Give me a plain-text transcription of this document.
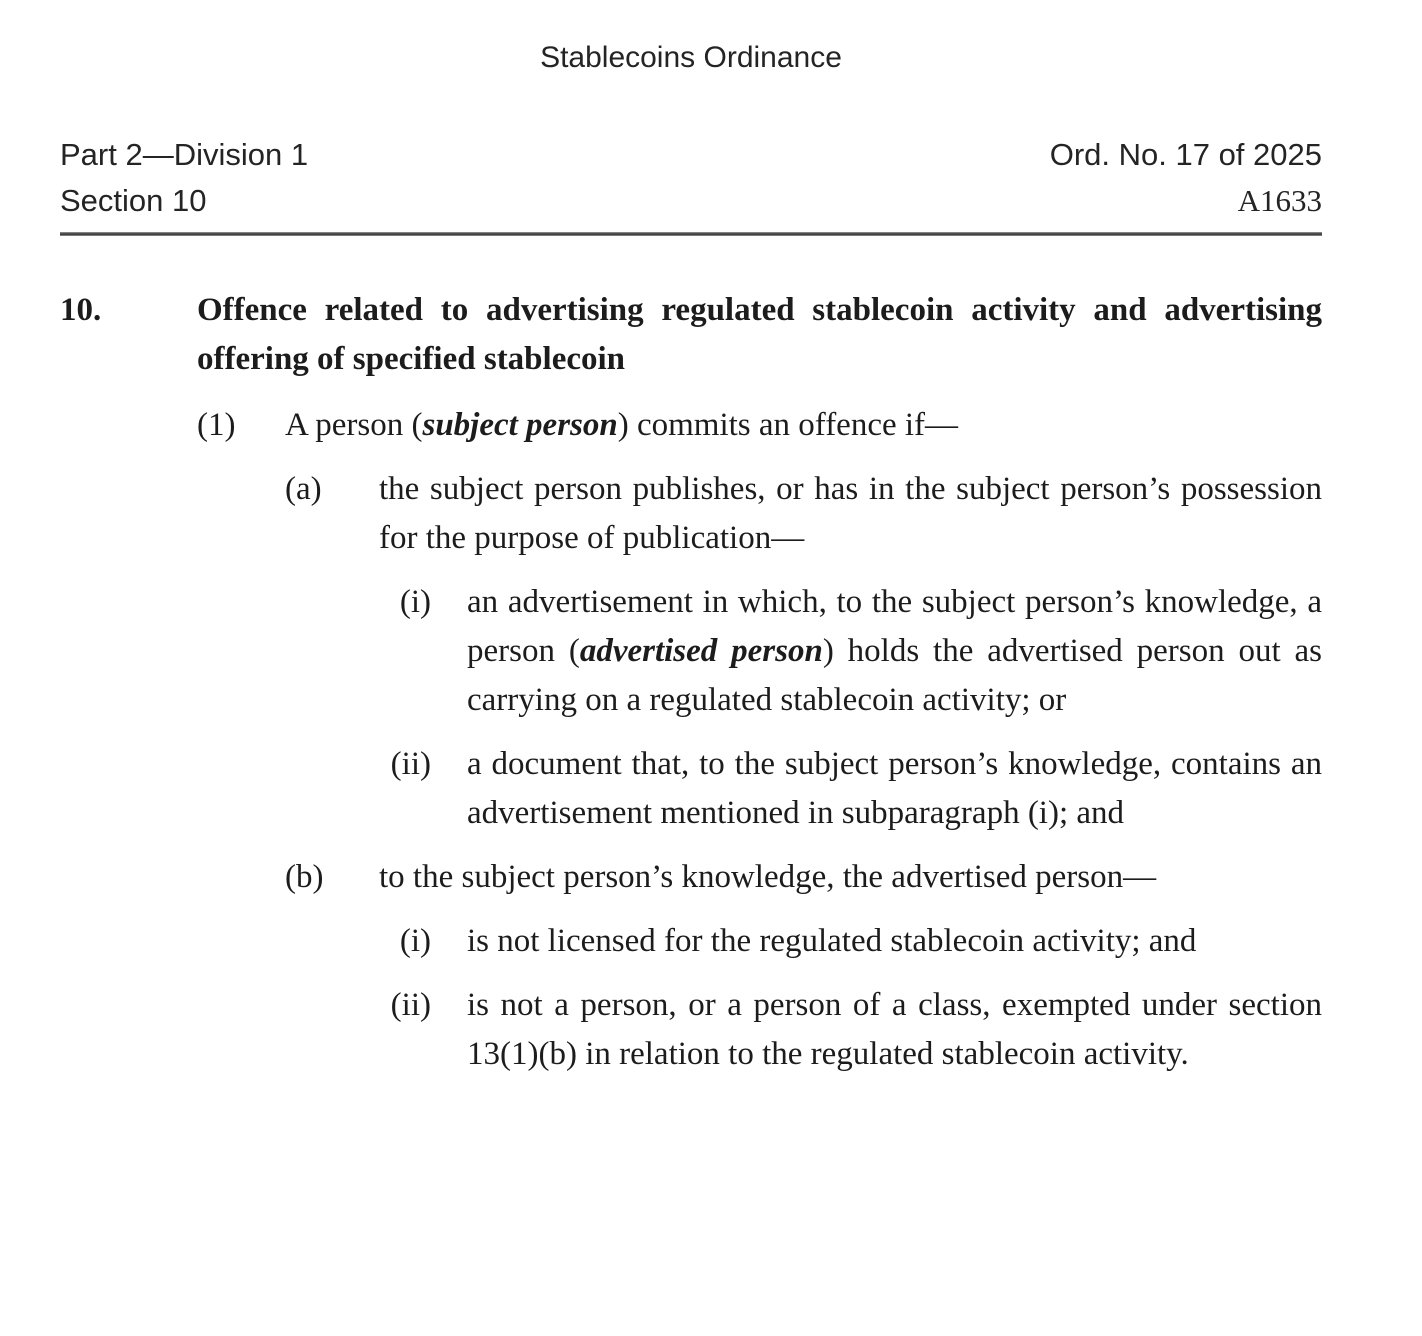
Stablecoins Ordinance
Part 2—Division 1
Section 10
Ord. No. 17 of 2025
A1633
10.	Offence related to advertising regulated stablecoin activity and advertising offering of specified stablecoin
(1)	A person (subject person) commits an offence if—

(a)	the subject person publishes, or has in the subject person’s possession for the purpose of publication—

(i)	an advertisement in which, to the subject person’s knowledge, a person (advertised person) holds the advertised person out as carrying on a regulated stablecoin activity; or

(ii)	a document that, to the subject person’s knowledge, contains an advertisement mentioned in subparagraph (i); and

(b)	to the subject person’s knowledge, the advertised person—

(i)	is not licensed for the regulated stablecoin activity; and

(ii)	is not a person, or a person of a class, exempted under section 13(1)(b) in relation to the regulated stablecoin activity.
